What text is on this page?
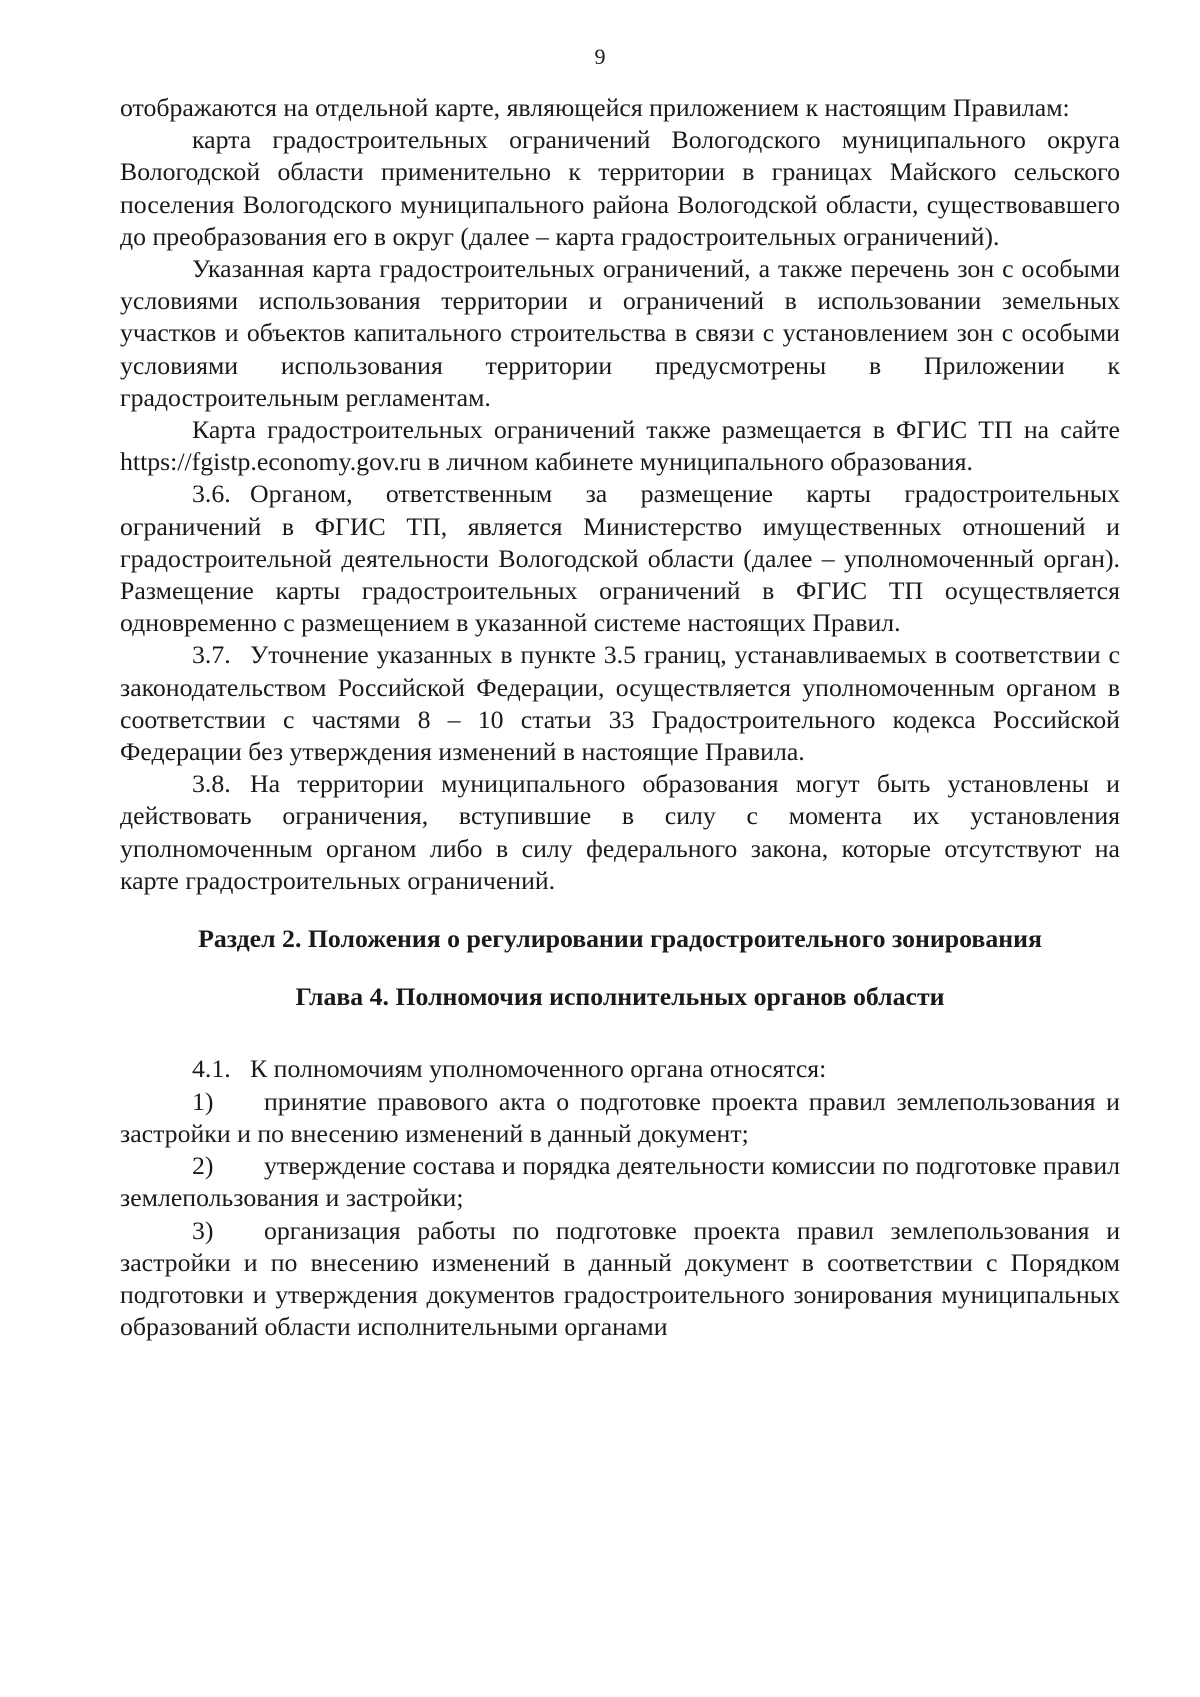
9

отображаются на отдельной карте, являющейся приложением к настоящим Правилам:

карта градостроительных ограничений Вологодского муниципального округа Вологодской области применительно к территории в границах Майского сельского поселения Вологодского муниципального района Вологодской области, существовавшего до преобразования его в округ (далее – карта градостроительных ограничений).

Указанная карта градостроительных ограничений, а также перечень зон с особыми условиями использования территории и ограничений в использовании земельных участков и объектов капитального строительства в связи с установлением зон с особыми условиями использования территории предусмотрены в Приложении к градостроительным регламентам.

Карта градостроительных ограничений также размещается в ФГИС ТП на сайте https://fgistp.economy.gov.ru в личном кабинете муниципального образования.

3.6. Органом, ответственным за размещение карты градостроительных ограничений в ФГИС ТП, является Министерство имущественных отношений и градостроительной деятельности Вологодской области (далее – уполномоченный орган). Размещение карты градостроительных ограничений в ФГИС ТП осуществляется одновременно с размещением в указанной системе настоящих Правил.

3.7. Уточнение указанных в пункте 3.5 границ, устанавливаемых в соответствии с законодательством Российской Федерации, осуществляется уполномоченным органом в соответствии с частями 8 – 10 статьи 33 Градостроительного кодекса Российской Федерации без утверждения изменений в настоящие Правила.

3.8. На территории муниципального образования могут быть установлены и действовать ограничения, вступившие в силу с момента их установления уполномоченным органом либо в силу федерального закона, которые отсутствуют на карте градостроительных ограничений.

Раздел 2. Положения о регулировании градостроительного зонирования

Глава 4. Полномочия исполнительных органов области

4.1. К полномочиям уполномоченного органа относятся:

1) принятие правового акта о подготовке проекта правил землепользования и застройки и по внесению изменений в данный документ;

2) утверждение состава и порядка деятельности комиссии по подготовке правил землепользования и застройки;

3) организация работы по подготовке проекта правил землепользования и застройки и по внесению изменений в данный документ в соответствии с Порядком подготовки и утверждения документов градостроительного зонирования муниципальных образований области исполнительными органами
